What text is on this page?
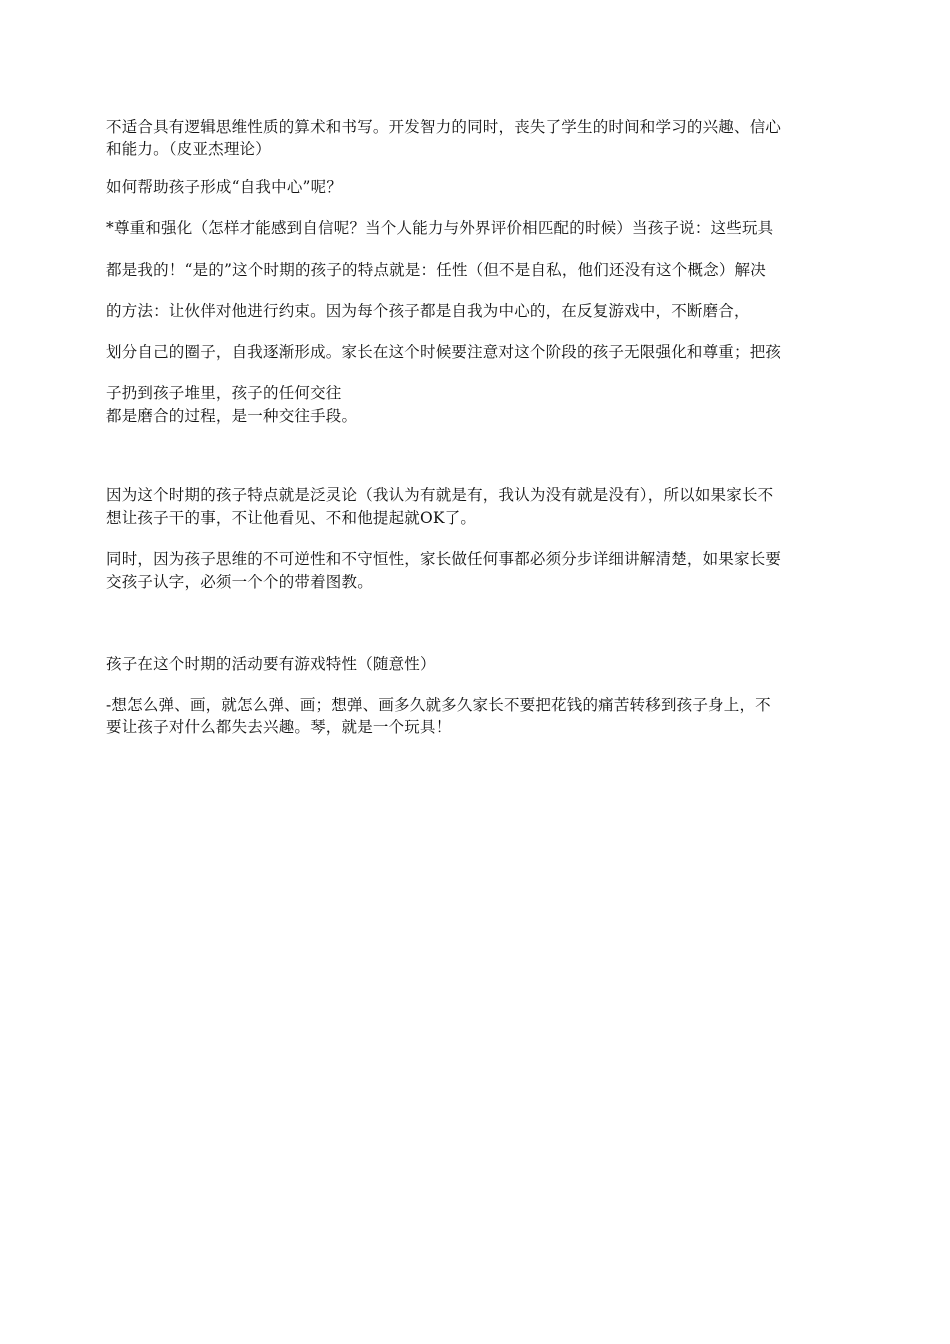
不适合具有逻辑思维性质的算术和书写。开发智力的同时，丧失了学生的时间和学习的兴趣、信心
和能力。（皮亚杰理论）
如何帮助孩子形成“自我中心”呢？
*尊重和强化（怎样才能感到自信呢？当个人能力与外界评价相匹配的时候）当孩子说：这些玩具
都是我的！“是的”这个时期的孩子的特点就是：任性（但不是自私，他们还没有这个概念）解决
的方法：让伙伴对他进行约束。因为每个孩子都是自我为中心的，在反复游戏中，不断磨合，
划分自己的圈子，自我逐渐形成。家长在这个时候要注意对这个阶段的孩子无限强化和尊重；把孩
子扔到孩子堆里，孩子的任何交往
都是磨合的过程，是一种交往手段。
因为这个时期的孩子特点就是泛灵论（我认为有就是有，我认为没有就是没有），所以如果家长不
想让孩子干的事，不让他看见、不和他提起就OK了。
同时，因为孩子思维的不可逆性和不守恒性，家长做任何事都必须分步详细讲解清楚，如果家长要
交孩子认字，必须一个个的带着图教。
孩子在这个时期的活动要有游戏特性（随意性）
-想怎么弹、画，就怎么弹、画；想弹、画多久就多久家长不要把花钱的痛苦转移到孩子身上，不
要让孩子对什么都失去兴趣。琴，就是一个玩具！
